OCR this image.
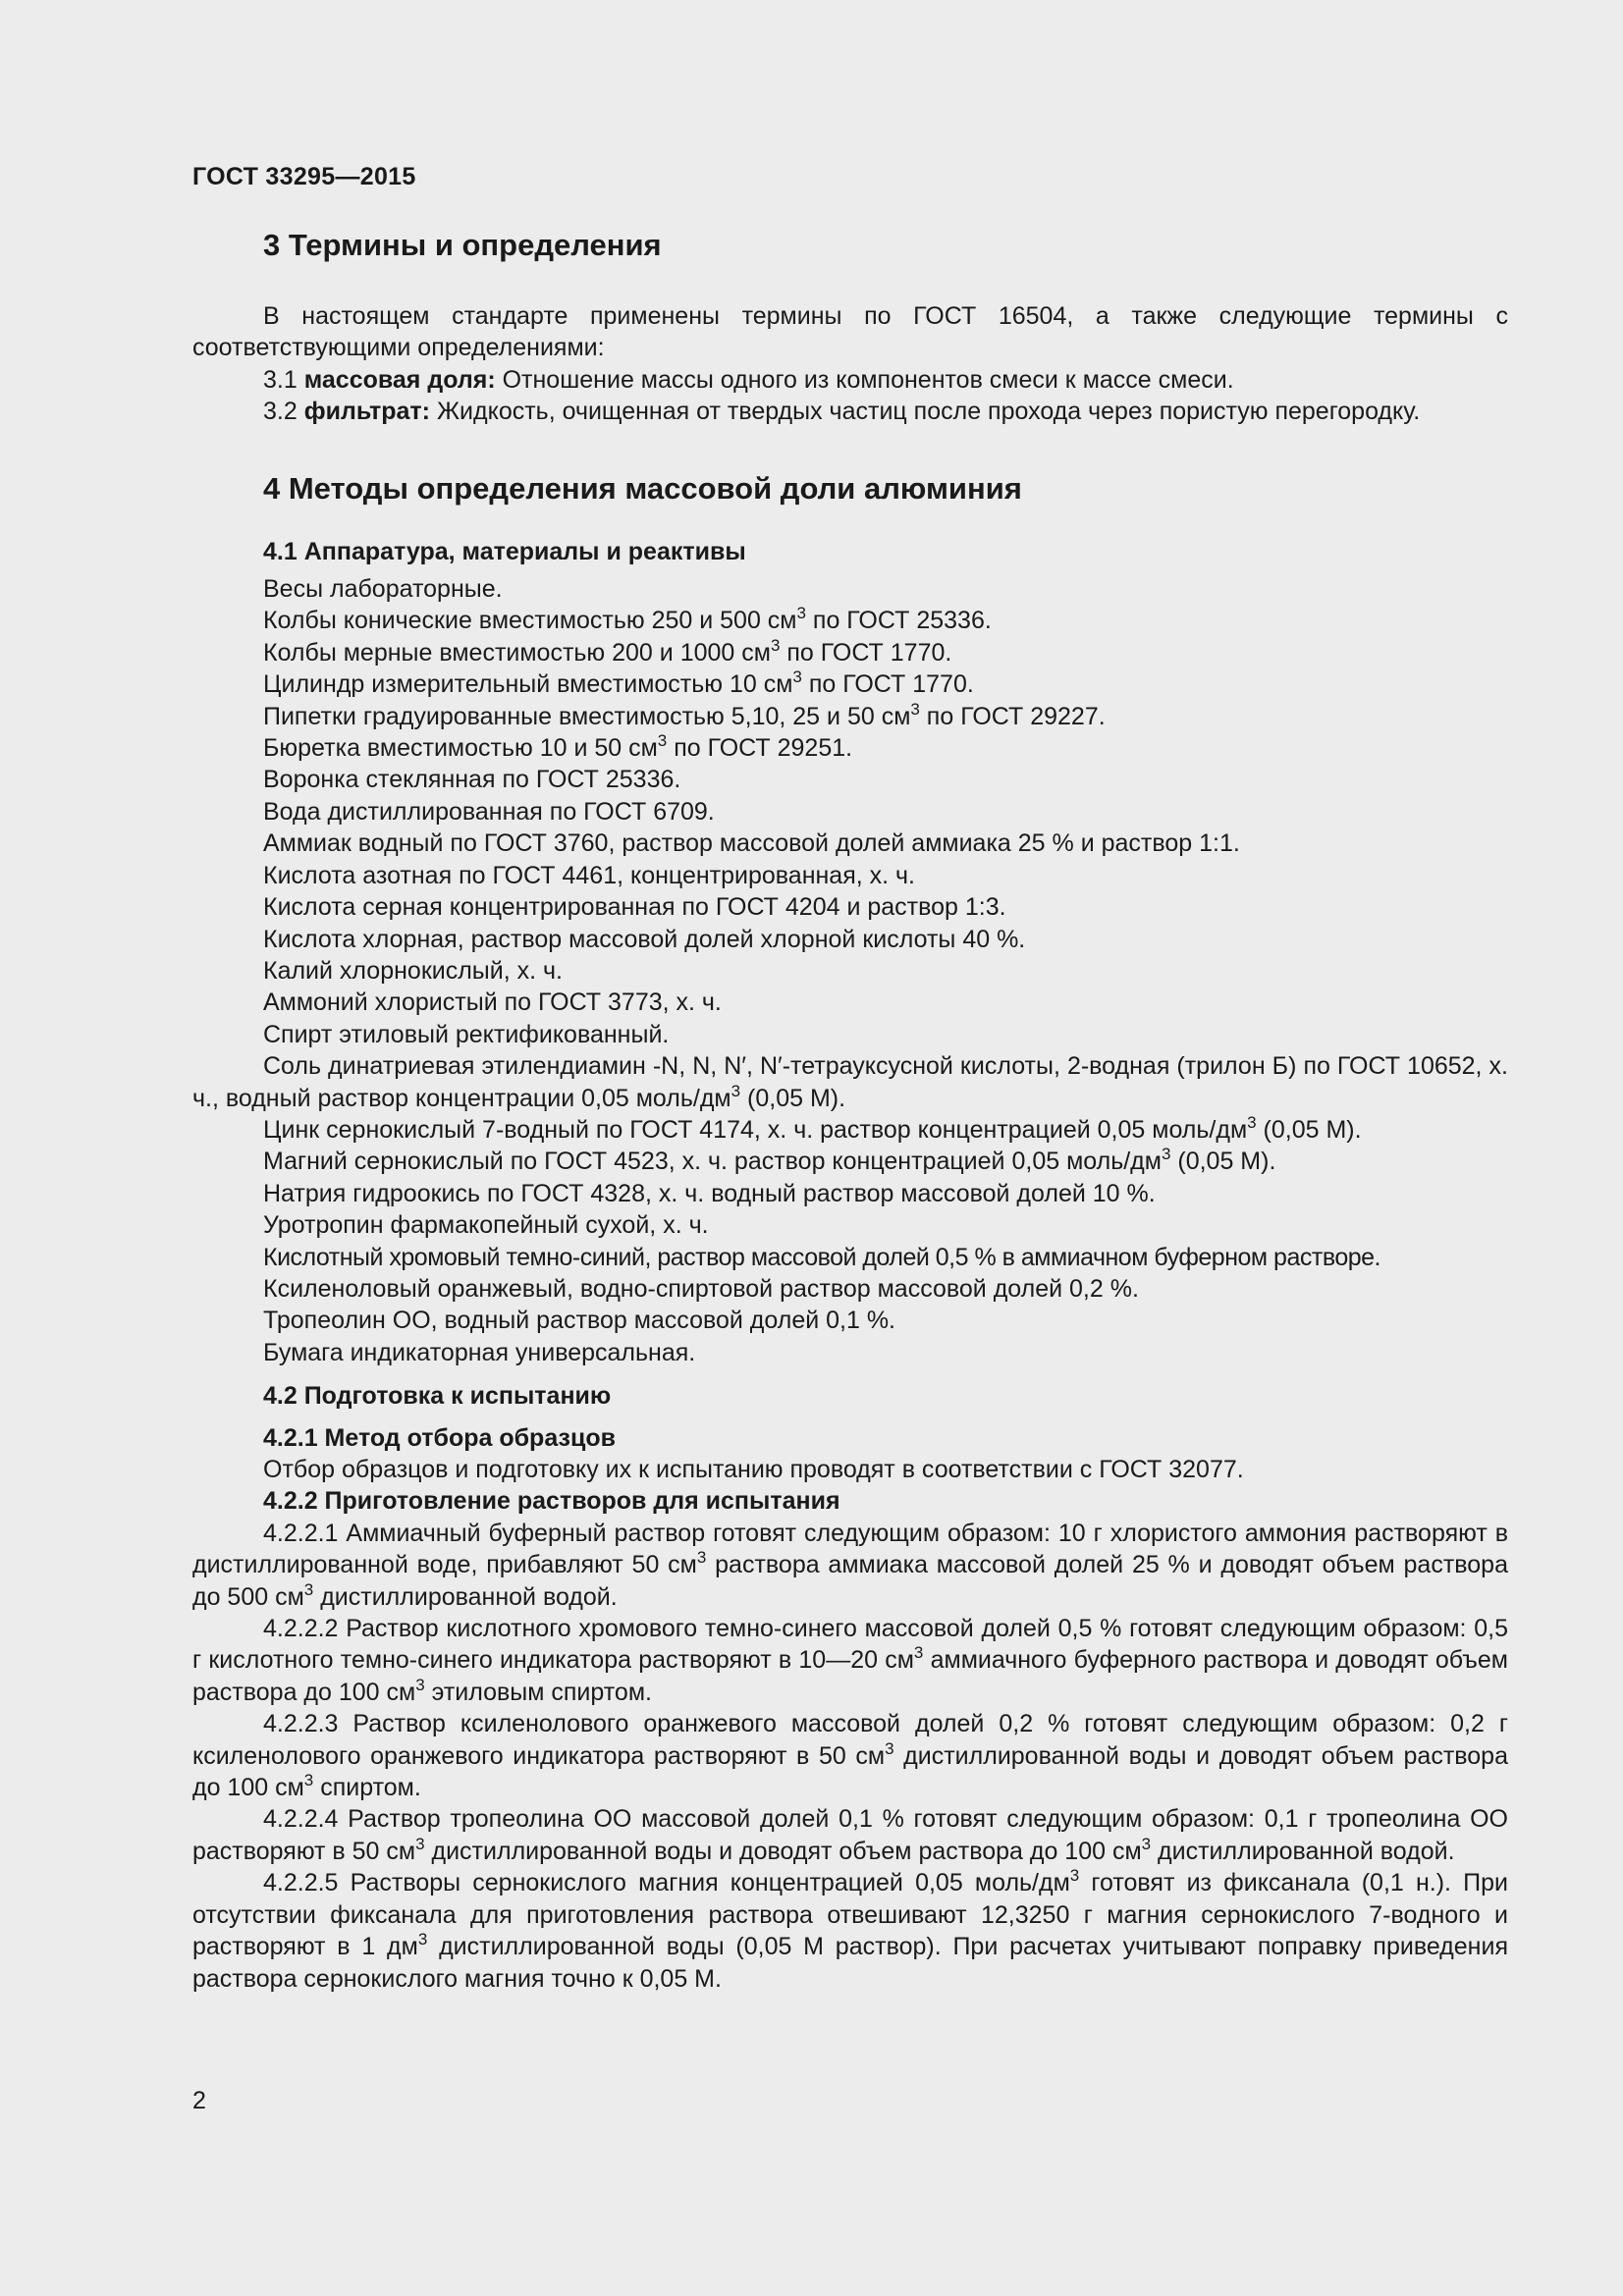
ГОСТ 33295—2015
3 Термины и определения

В настоящем стандарте применены термины по ГОСТ 16504, а также следующие термины с соответствующими определениями:

3.1 массовая доля: Отношение массы одного из компонентов смеси к массе смеси.

3.2 фильтрат: Жидкость, очищенная от твердых частиц после прохода через пористую перегородку.

4 Методы определения массовой доли алюминия
4.1 Аппаратура, материалы и реактивы
Весы лабораторные.
Колбы конические вместимостью 250 и 500 $см^3$ по ГОСТ 25336.
Колбы мерные вместимостью 200 и 1000 $см^3$ по ГОСТ 1770.
Цилиндр измерительный вместимостью 10 $см^3$ по ГОСТ 1770.
Пипетки градуированные вместимостью 5,10, 25 и 50 $см^3$ по ГОСТ 29227.
Бюретка вместимостью 10 и 50 $см^3$ по ГОСТ 29251.
Воронка стеклянная по ГОСТ 25336.
Вода дистиллированная по ГОСТ 6709.
Аммиак водный по ГОСТ 3760, раствор массовой долей аммиака 25 % и раствор 1:1.
Кислота азотная по ГОСТ 4461, концентрированная, х. ч.
Кислота серная концентрированная по ГОСТ 4204 и раствор 1:3.
Кислота хлорная, раствор массовой долей хлорной кислоты 40 %.
Калий хлорнокислый, х. ч.
Аммоний хлористый по ГОСТ 3773, х. ч.
Спирт этиловый ректификованный.

Соль динатриевая этилендиамин -N, N, N′, N′-тетрауксусной кислоты, 2-водная (трилон Б) по ГОСТ 10652, х. ч., водный раствор концентрации 0,05 моль/$дм^3$ (0,05 М).

Цинк сернокислый 7-водный по ГОСТ 4174, х. ч. раствор концентрацией 0,05 моль/$дм^3$ (0,05 М).
Магний сернокислый по ГОСТ 4523, х. ч. раствор концентрацией 0,05 моль/$дм^3$ (0,05 М).
Натрия гидроокись по ГОСТ 4328, х. ч. водный раствор массовой долей 10 %.
Уротропин фармакопейный сухой, х. ч.
Кислотный хромовый темно-синий, раствор массовой долей 0,5 % в аммиачном буферном растворе.
Ксиленоловый оранжевый, водно-спиртовой раствор массовой долей 0,2 %.
Тропеолин ОО, водный раствор массовой долей 0,1 %.
Бумага индикаторная универсальная.
4.2 Подготовка к испытанию
4.2.1 Метод отбора образцов
Отбор образцов и подготовку их к испытанию проводят в соответствии с ГОСТ 32077.
4.2.2 Приготовление растворов для испытания

4.2.2.1 Аммиачный буферный раствор готовят следующим образом: 10 г хлористого аммония растворяют в дистиллированной воде, прибавляют 50 $см^3$ раствора аммиака массовой долей 25 % и доводят объем раствора до 500 $см^3$ дистиллированной водой.

4.2.2.2 Раствор кислотного хромового темно-синего массовой долей 0,5 % готовят следующим образом: 0,5 г кислотного темно-синего индикатора растворяют в 10—20 $см^3$ аммиачного буферного раствора и доводят объем раствора до 100 $см^3$ этиловым спиртом.

4.2.2.3 Раствор ксиленолового оранжевого массовой долей 0,2 % готовят следующим образом: 0,2 г ксиленолового оранжевого индикатора растворяют в 50 $см^3$ дистиллированной воды и доводят объем раствора до 100 $см^3$ спиртом.

4.2.2.4 Раствор тропеолина ОО массовой долей 0,1 % готовят следующим образом: 0,1 г тропеолина ОО растворяют в 50 $см^3$ дистиллированной воды и доводят объем раствора до 100 $см^3$ дистиллированной водой.

4.2.2.5 Растворы сернокислого магния концентрацией 0,05 моль/$дм^3$ готовят из фиксанала (0,1 н.). При отсутствии фиксанала для приготовления раствора отвешивают 12,3250 г магния сернокислого 7-водного и растворяют в 1 $дм^3$ дистиллированной воды (0,05 М раствор). При расчетах учитывают поправку приведения раствора сернокислого магния точно к 0,05 М.

2
